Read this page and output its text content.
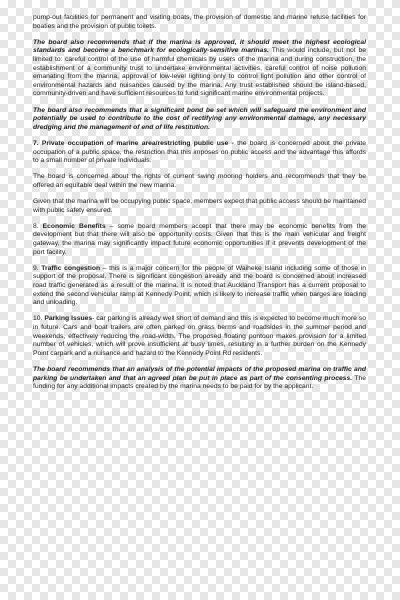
pump-out facilities for permanent and visiting boats, the provision of domestic and marine refuse facilities for boaties and the provision of public toilets.

The board also recommends that if the marina is approved, it should meet the highest ecological standards and become a benchmark for ecologically-sensitive marinas. This would include, but not be limited to: careful control of the use of harmful chemicals by users of the marina and during construction, the establishment of a community trust to undertake environmental activities, careful control of noise pollution emanating from the marina, approval of low-level lighting only to control light pollution and other control of environmental hazards and nuisances caused by the marina. Any trust established should be island-based, community-driven and have sufficient resources to fund significant marine environmental projects.

The board also recommends that a significant bond be set which will safeguard the environment and potentially be used to contribute to the cost of rectifying any environmental damage, any necessary dredging and the management of end of life restitution.

7. Private occupation of marine area/restricting public use - the board is concerned about the private occupation of a public space, the restriction that this imposes on public access and the advantage this affords to a small number of private individuals.

The board is concerned about the rights of current swing mooring holders and recommends that they be offered an equitable deal within the new marina.

Given that the marina will be occupying public space, members expect that public access should be maintained with public safety ensured.

8. Economic Benefits – some board members accept that there may be economic benefits from the development but that there will also be opportunity costs. Given that this is the main vehicular and freight gateway, the marina may significantly impact future economic opportunities if it prevents development of the port facility.

9. Traffic congestion – this is a major concern for the people of Waiheke Island including some of those in support of the proposal. There is significant congestion already and the board is concerned about increased road traffic generated as a result of the marina. It is noted that Auckland Transport has a current proposal to extend the second vehicular ramp at Kennedy Point, which is likely to increase traffic when barges are loading and unloading.

10. Parking Issues- car parking is already well short of demand and this is expected to become much more so in future. Cars and boat trailers are often parked on grass berms and roadsides in the summer period and weekends, effectively reducing the road-width. The proposed floating pontoon makes provision for a limited number of vehicles, which will prove insufficient at busy times, resulting in a further burden on the Kennedy Point carpark and a nuisance and hazard to the Kennedy Point Rd residents.

The board recommends that an analysis of the potential impacts of the proposed marina on traffic and parking be undertaken and that an agreed plan be put in place as part of the consenting process. The funding for any additional impacts created by the marina needs to be paid for by the applicant.
